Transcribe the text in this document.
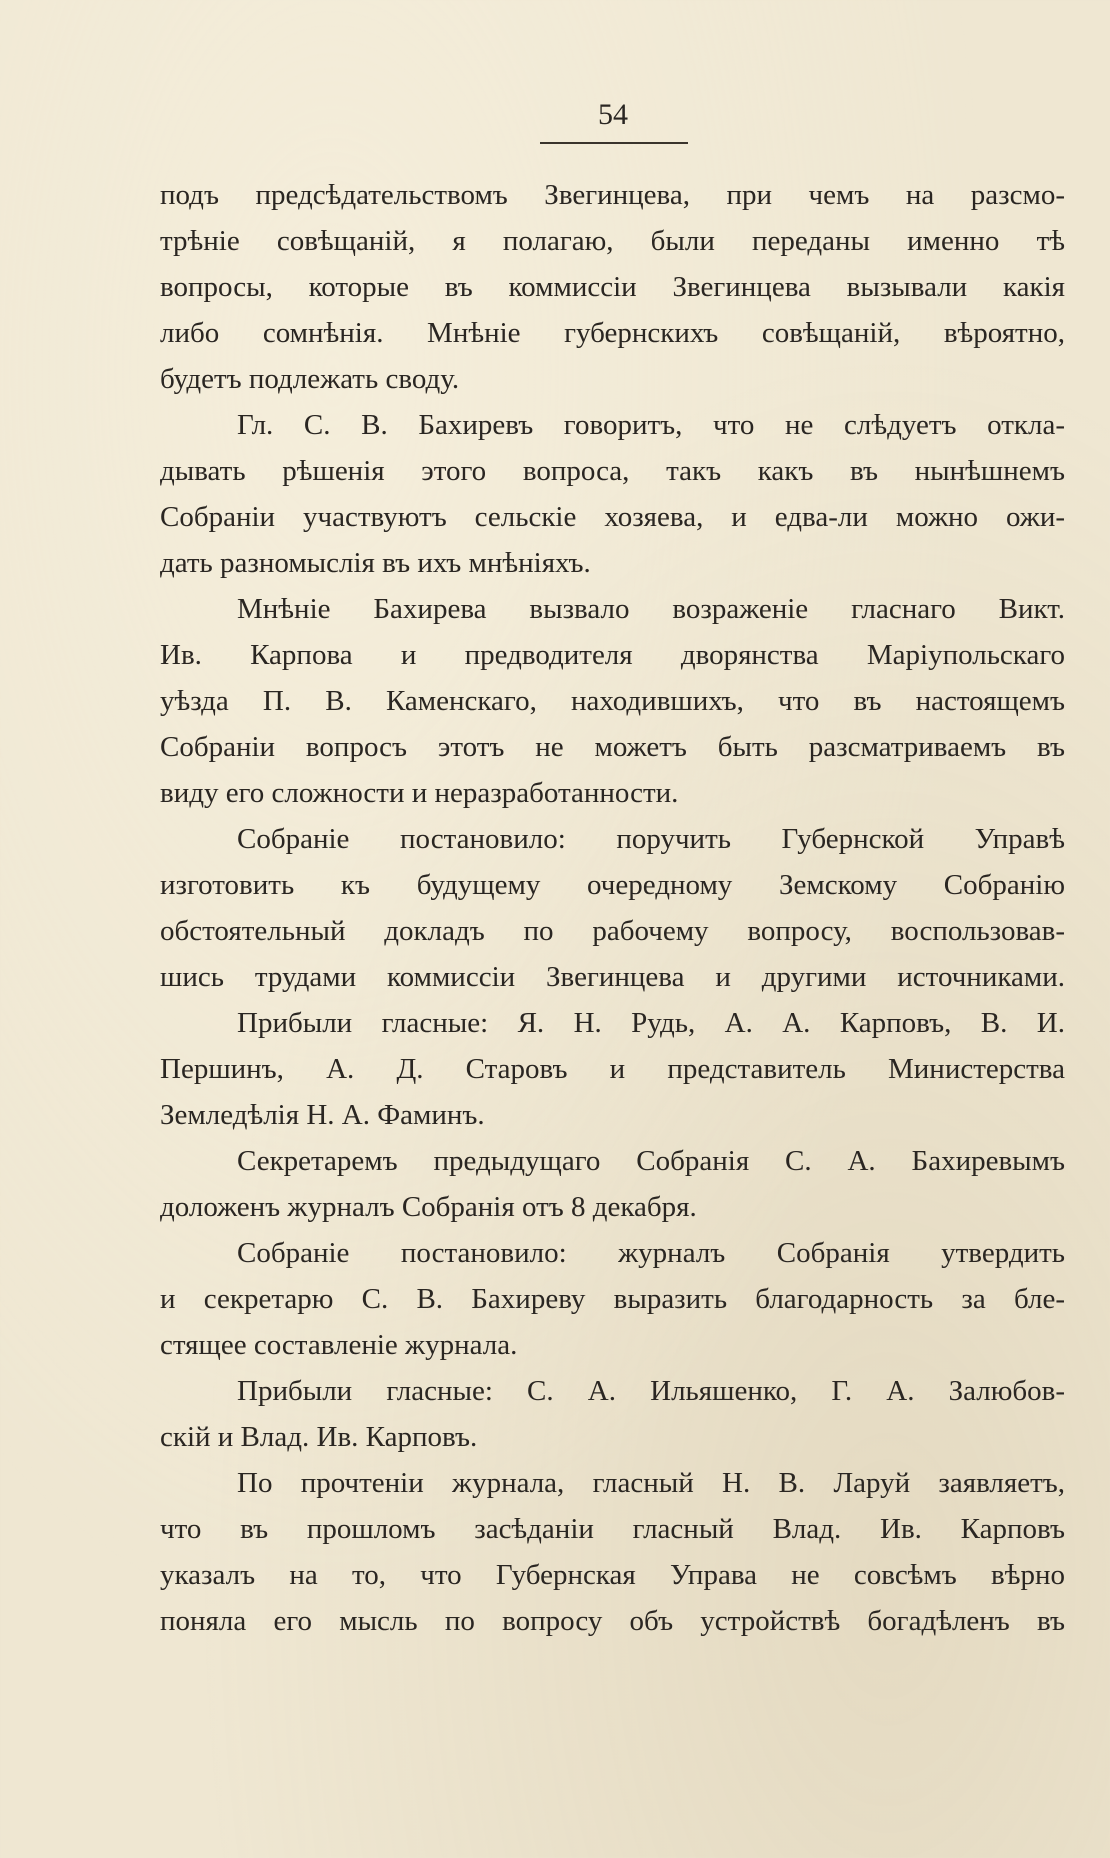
54
подъ предсѣдательствомъ Звегинцева, при чемъ на разсмо-
трѣніе совѣщаній, я полагаю, были переданы именно тѣ
вопросы, которые въ коммиссіи Звегинцева вызывали какія
либо сомнѣнія. Мнѣніе губернскихъ совѣщаній, вѣроятно,
будетъ подлежать своду.
Гл. С. В. Бахиревъ говоритъ, что не слѣдуетъ откла-
дывать рѣшенія этого вопроса, такъ какъ въ нынѣшнемъ
Собраніи участвуютъ сельскіе хозяева, и едва-ли можно ожи-
дать разномыслія въ ихъ мнѣніяхъ.
Мнѣніе Бахирева вызвало возраженіе гласнаго Викт.
Ив. Карпова и предводителя дворянства Маріупольскаго
уѣзда П. В. Каменскаго, находившихъ, что въ настоящемъ
Собраніи вопросъ этотъ не можетъ быть разсматриваемъ въ
виду его сложности и неразработанности.
Собраніе постановило: поручить Губернской Управѣ
изготовить къ будущему очередному Земскому Собранію
обстоятельный докладъ по рабочему вопросу, воспользовав-
шись трудами коммиссіи Звегинцева и другими источниками.
Прибыли гласные: Я. Н. Рудь, А. А. Карповъ, В. И.
Першинъ, А. Д. Старовъ и представитель Министерства
Земледѣлія Н. А. Фаминъ.
Секретаремъ предыдущаго Собранія С. А. Бахиревымъ
доложенъ журналъ Собранія отъ 8 декабря.
Собраніе постановило: журналъ Собранія утвердить
и секретарю С. В. Бахиреву выразить благодарность за бле-
стящее составленіе журнала.
Прибыли гласные: С. А. Ильяшенко, Г. А. Залюбов-
скій и Влад. Ив. Карповъ.
По прочтеніи журнала, гласный Н. В. Ларуй заявляетъ,
что въ прошломъ засѣданіи гласный Влад. Ив. Карповъ
указалъ на то, что Губернская Управа не совсѣмъ вѣрно
поняла его мысль по вопросу объ устройствѣ богадѣленъ въ
